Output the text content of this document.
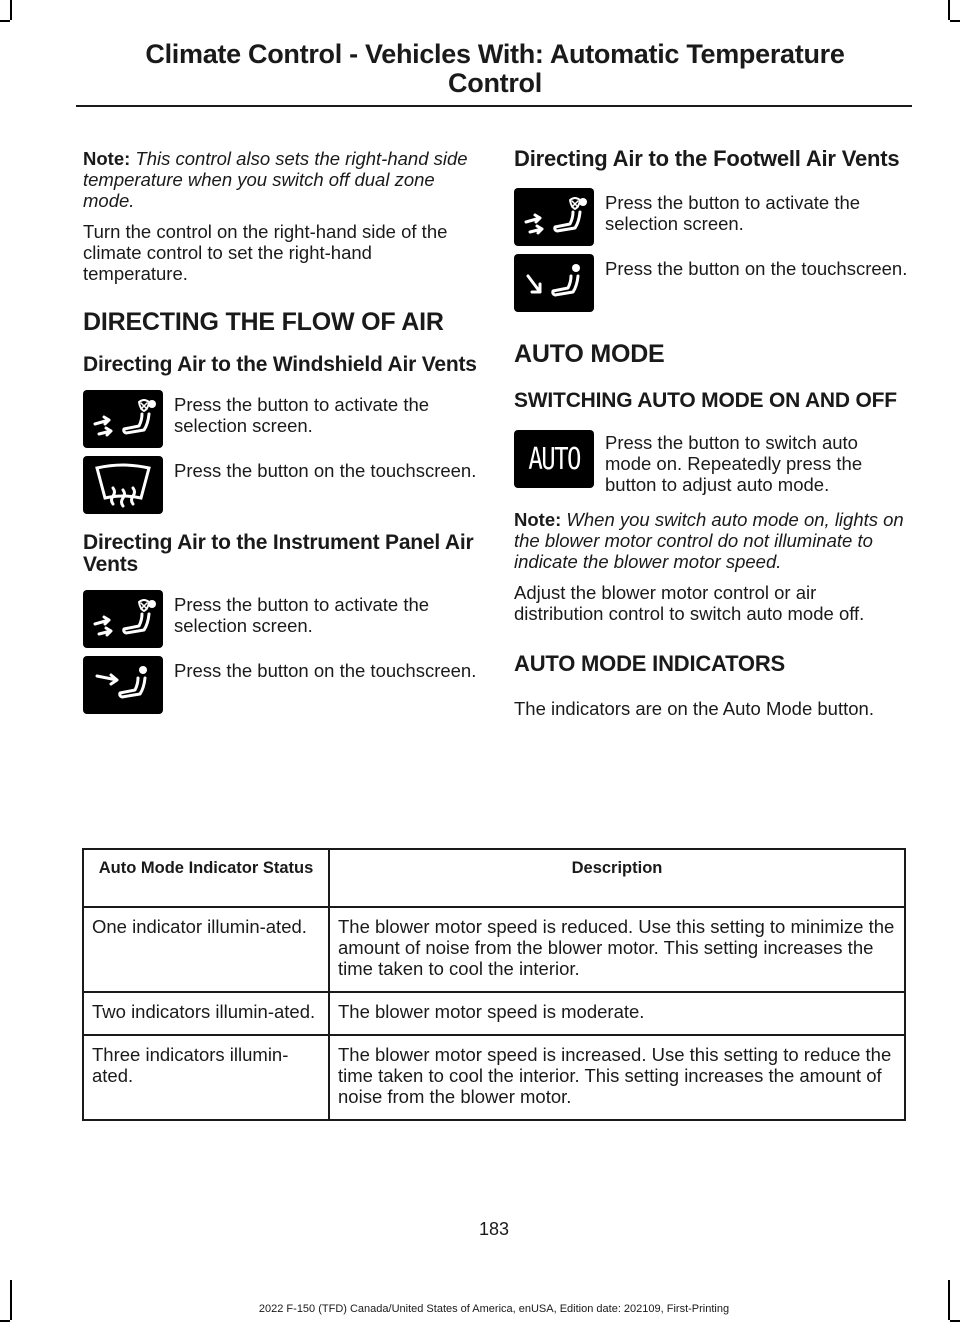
Climate Control - Vehicles With: Automatic Temperature
Control

Note: This control also sets the right-hand side temperature when you switch off dual zone mode.

Turn the control on the right-hand side of the climate control to set the right-hand temperature.

DIRECTING THE FLOW OF AIR
Directing Air to the Windshield Air Vents
Press the button to activate the selection screen.
Press the button on the touchscreen.
Directing Air to the Instrument Panel Air Vents
Press the button to activate the selection screen.
Press the button on the touchscreen.
Directing Air to the Footwell Air Vents
Press the button to activate the selection screen.
Press the button on the touchscreen.
AUTO MODE
SWITCHING AUTO MODE ON AND OFF
AUTO Press the button to switch auto mode on. Repeatedly press the button to adjust auto mode.

Note: When you switch auto mode on, lights on the blower motor control do not illuminate to indicate the blower motor speed.

Adjust the blower motor control or air distribution control to switch auto mode off.

AUTO MODE INDICATORS

The indicators are on the Auto Mode button.

Auto Mode Indicator Status	Description
One indicator illumin-ated.	The blower motor speed is reduced. Use this setting to minimize the amount of noise from the blower motor. This setting increases the time taken to cool the interior.
Two indicators illumin-ated.	The blower motor speed is moderate.
Three indicators illumin-ated.	The blower motor speed is increased. Use this setting to reduce the time taken to cool the interior. This setting increases the amount of noise from the blower motor.
183
2022 F-150 (TFD) Canada/United States of America, enUSA, Edition date: 202109, First-Printing
